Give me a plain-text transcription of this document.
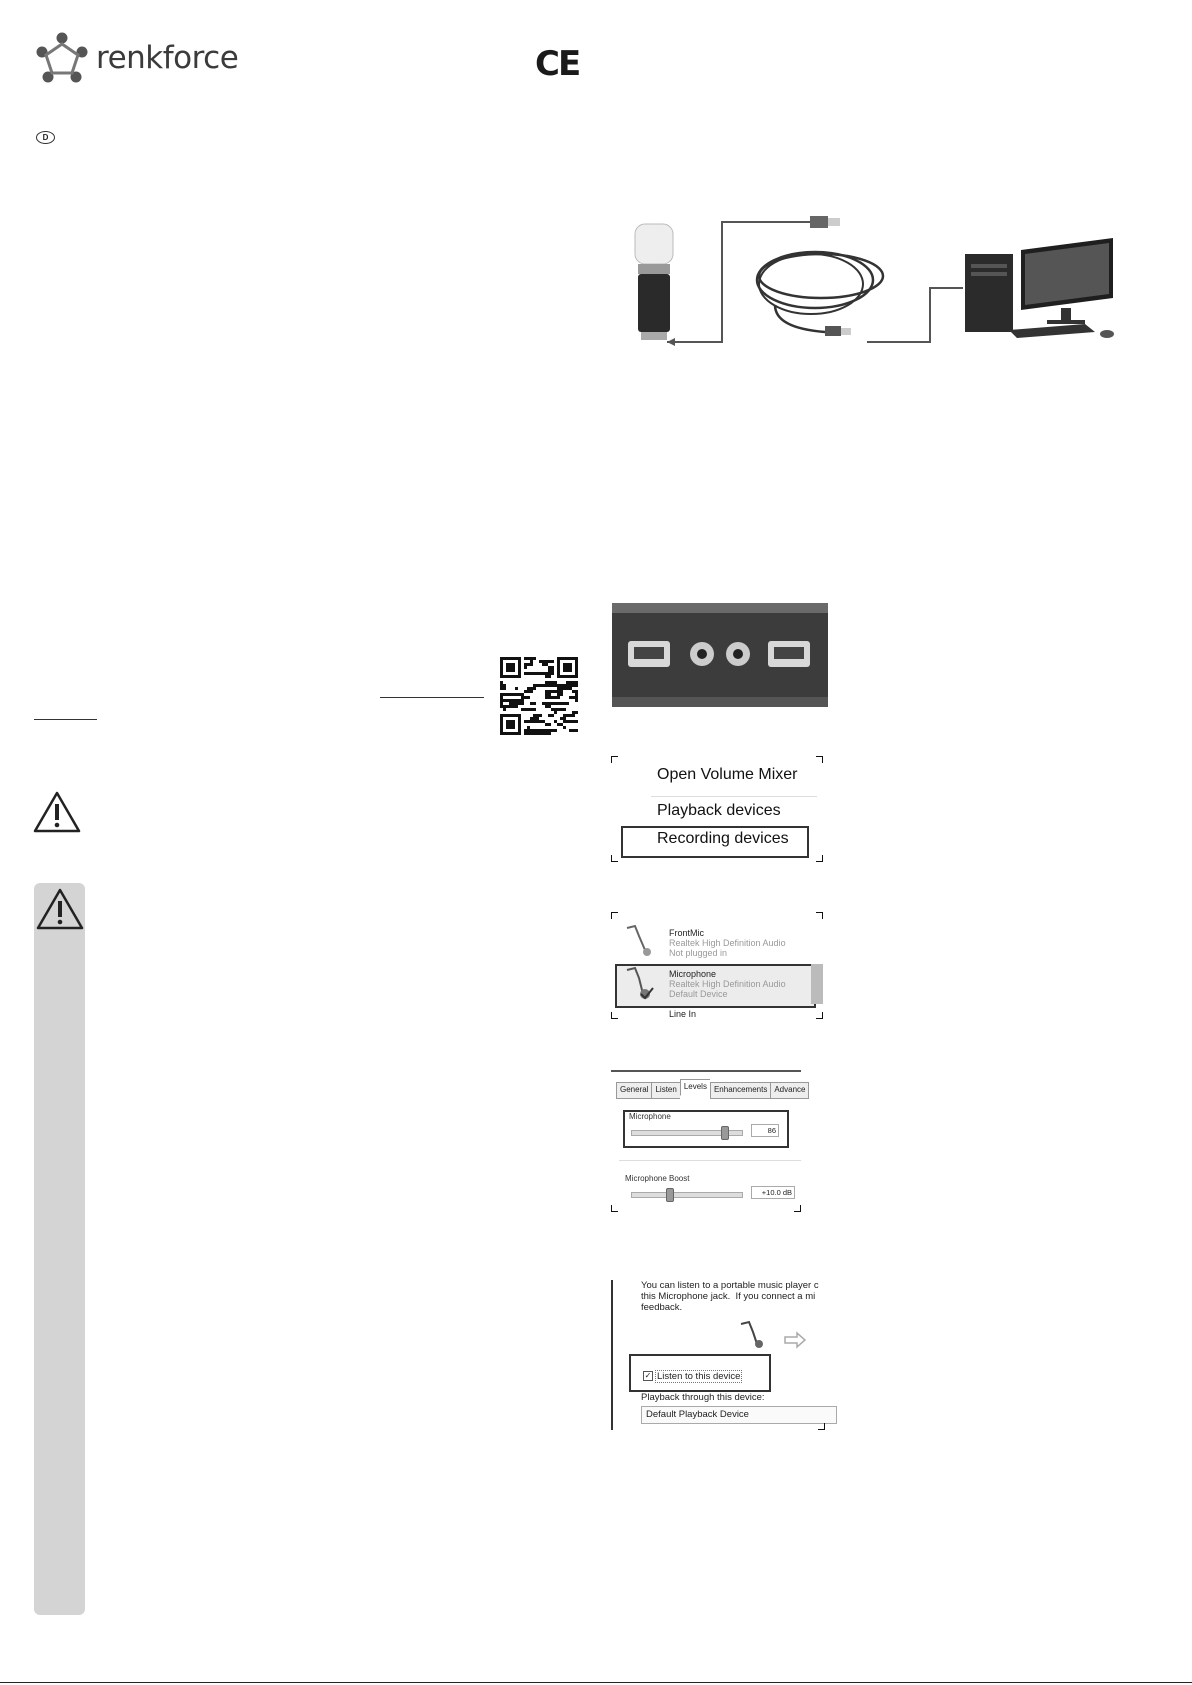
renkforce	CE
D
Open Volume Mixer
Playback devices
Recording devices
FrontMic
Realtek High Definition Audio
Not plugged in
Microphone
Realtek High Definition Audio
Default Device
Line In
General Listen Levels Enhancements Advance
Microphone
86
Microphone Boost
+10.0 dB
You can listen to a portable music player c
this Microphone jack.  If you connect a mi
feedback.
✓ Listen to this device
Playback through this device:
Default Playback Device
